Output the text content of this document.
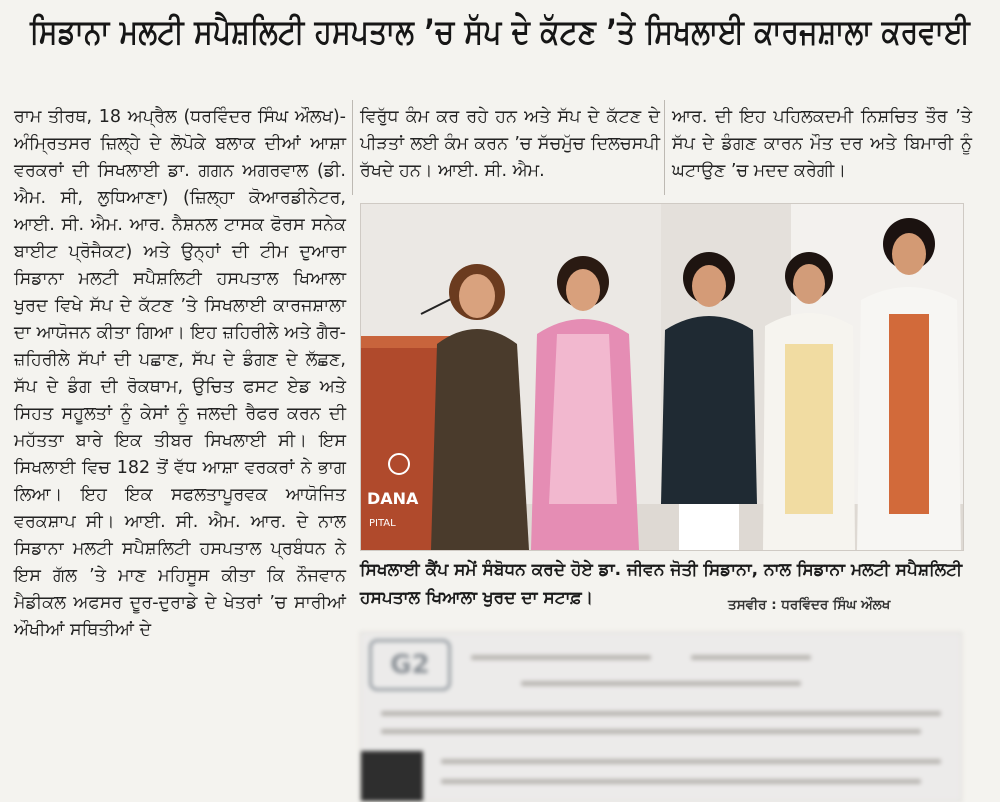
ਸਿਡਾਨਾ ਮਲਟੀ ਸਪੈਸ਼ਲਿਟੀ ਹਸਪਤਾਲ ’ਚ ਸੱਪ ਦੇ ਕੱਟਣ ’ਤੇ ਸਿਖਲਾਈ ਕਾਰਜਸ਼ਾਲਾ ਕਰਵਾਈ
ਰਾਮ ਤੀਰਥ, 18 ਅਪ੍ਰੈਲ (ਧਰਵਿੰਦਰ ਸਿੰਘ ਔਲਖ)-ਅੰਮ੍ਰਿਤਸਰ ਜ਼ਿਲ੍ਹੇ ਦੇ ਲੋਪੋਕੇ ਬਲਾਕ ਦੀਆਂ ਆਸ਼ਾ ਵਰਕਰਾਂ ਦੀ ਸਿਖਲਾਈ ਡਾ. ਗਗਨ ਅਗਰਵਾਲ (ਡੀ. ਐਮ. ਸੀ, ਲੁਧਿਆਣਾ) (ਜ਼ਿਲ੍ਹਾ ਕੋਆਰਡੀਨੇਟਰ, ਆਈ. ਸੀ. ਐਮ. ਆਰ. ਨੈਸ਼ਨਲ ਟਾਸਕ ਫੋਰਸ ਸਨੇਕ ਬਾਈਟ ਪ੍ਰੋਜੈਕਟ) ਅਤੇ ਉਨ੍ਹਾਂ ਦੀ ਟੀਮ ਦੁਆਰਾ ਸਿਡਾਨਾ ਮਲਟੀ ਸਪੈਸ਼ਲਿਟੀ ਹਸਪਤਾਲ ਖਿਆਲਾ ਖੁਰਦ ਵਿਖੇ ਸੱਪ ਦੇ ਕੱਟਣ ’ਤੇ ਸਿਖਲਾਈ ਕਾਰਜਸ਼ਾਲਾ ਦਾ ਆਯੋਜਨ ਕੀਤਾ ਗਿਆ। ਇਹ ਜ਼ਹਿਰੀਲੇ ਅਤੇ ਗੈਰ-ਜ਼ਹਿਰੀਲੇ ਸੱਪਾਂ ਦੀ ਪਛਾਣ, ਸੱਪ ਦੇ ਡੰਗਣ ਦੇ ਲੱਛਣ, ਸੱਪ ਦੇ ਡੰਗ ਦੀ ਰੋਕਥਾਮ, ਉਚਿਤ ਫਸਟ ਏਡ ਅਤੇ ਸਿਹਤ ਸਹੂਲਤਾਂ ਨੂੰ ਕੇਸਾਂ ਨੂੰ ਜਲਦੀ ਰੈਫਰ ਕਰਨ ਦੀ ਮਹੱਤਤਾ ਬਾਰੇ ਇਕ ਤੀਬਰ ਸਿਖਲਾਈ ਸੀ। ਇਸ ਸਿਖਲਾਈ ਵਿਚ 182 ਤੋਂ ਵੱਧ ਆਸ਼ਾ ਵਰਕਰਾਂ ਨੇ ਭਾਗ ਲਿਆ। ਇਹ ਇਕ ਸਫਲਤਾਪੂਰਵਕ ਆਯੋਜਿਤ ਵਰਕਸ਼ਾਪ ਸੀ। ਆਈ. ਸੀ. ਐਮ. ਆਰ. ਦੇ ਨਾਲ ਸਿਡਾਨਾ ਮਲਟੀ ਸਪੈਸ਼ਲਿਟੀ ਹਸਪਤਾਲ ਪ੍ਰਬੰਧਨ ਨੇ ਇਸ ਗੱਲ ’ਤੇ ਮਾਣ ਮਹਿਸੂਸ ਕੀਤਾ ਕਿ ਨੌਜਵਾਨ ਮੈਡੀਕਲ ਅਫਸਰ ਦੂਰ-ਦੁਰਾਡੇ ਦੇ ਖੇਤਰਾਂ ’ਚ ਸਾਰੀਆਂ ਔਖੀਆਂ ਸਥਿਤੀਆਂ ਦੇ
ਵਿਰੁੱਧ ਕੰਮ ਕਰ ਰਹੇ ਹਨ ਅਤੇ ਸੱਪ ਦੇ ਕੱਟਣ ਦੇ ਪੀੜਤਾਂ ਲਈ ਕੰਮ ਕਰਨ ’ਚ ਸੱਚਮੁੱਚ ਦਿਲਚਸਪੀ ਰੱਖਦੇ ਹਨ। ਆਈ. ਸੀ. ਐਮ.
ਆਰ. ਦੀ ਇਹ ਪਹਿਲਕਦਮੀ ਨਿਸ਼ਚਿਤ ਤੌਰ ’ਤੇ ਸੱਪ ਦੇ ਡੰਗਣ ਕਾਰਨ ਮੌਤ ਦਰ ਅਤੇ ਬਿਮਾਰੀ ਨੂੰ ਘਟਾਉਣ ’ਚ ਮਦਦ ਕਰੇਗੀ।
DANA
PITAL
ਸਿਖਲਾਈ ਕੈਂਪ ਸਮੇਂ ਸੰਬੋਧਨ ਕਰਦੇ ਹੋਏ ਡਾ. ਜੀਵਨ ਜੋਤੀ ਸਿਡਾਨਾ, ਨਾਲ ਸਿਡਾਨਾ ਮਲਟੀ ਸਪੈਸ਼ਲਿਟੀ ਹਸਪਤਾਲ ਖਿਆਲਾ ਖੁਰਦ ਦਾ ਸਟਾਫ਼।	ਤਸਵੀਰ : ਧਰਵਿੰਦਰ ਸਿੰਘ ਔਲਖ
G2
